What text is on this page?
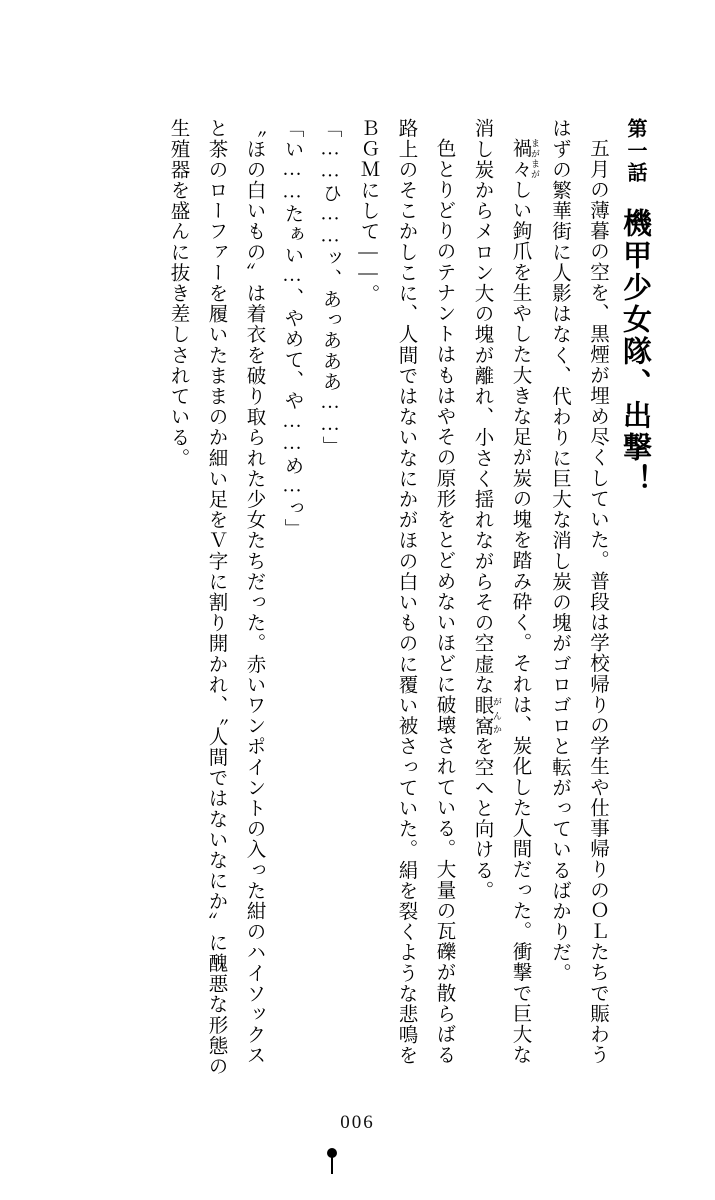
第一話 機甲少女隊、出撃！
五月の薄暮の空を、黒煙が埋め尽くしていた。普段は学校帰りの学生や仕事帰りのＯＬたちで賑わうはずの繁華街に人影はなく、代わりに巨大な消し炭の塊がゴロゴロと転がっているばかりだ。
禍々 まがまがしい鉤爪を生やした大きな足が炭の塊を踏み砕く。それは、炭化した人間だった。衝撃で巨大な消し炭からメロン大の塊が離れ、小さく揺れながらその空虚な眼窩 がんかを空へと向ける。
色とりどりのテナントはもはやその原形をとどめないほどに破壊されている。大量の瓦礫が散らばる路上のそこかしこに、人間ではないなにかがほの白いものに覆い被さっていた。絹を裂くような悲鳴をＢＧＭにして——。
「……ひ……ッ、あっあああ……」
「い……たぁい…、やめて、や……め…っ」
〝ほの白いもの〟は着衣を破り取られた少女たちだった。赤いワンポイントの入った紺のハイソックスと茶のローファーを履いたままのか細い足をＶ字に割り開かれ、〝人間ではないなにか〟に醜悪な形態の生殖器を盛んに抜き差しされている。
006
